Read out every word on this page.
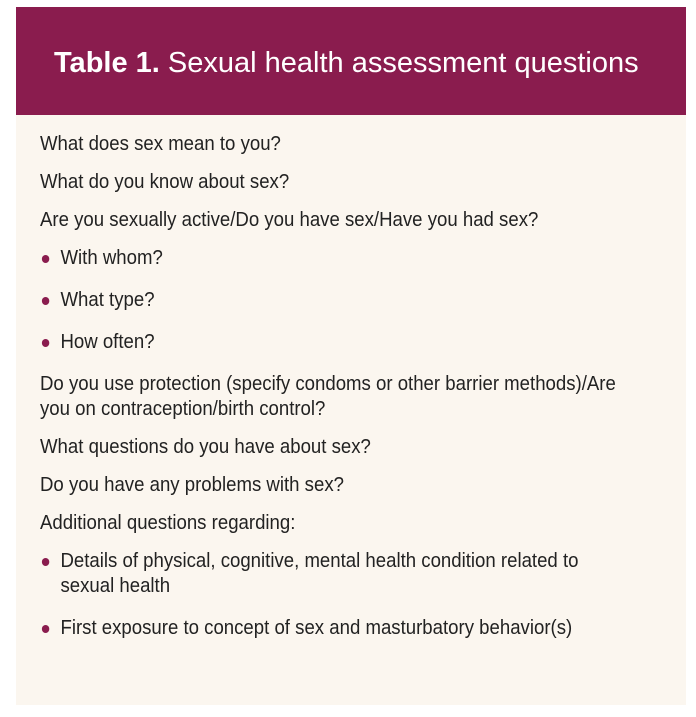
Table 1. Sexual health assessment questions
What does sex mean to you?
What do you know about sex?
Are you sexually active/Do you have sex/Have you had sex?
With whom?
What type?
How often?
Do you use protection (specify condoms or other barrier methods)/Are you on contraception/birth control?
What questions do you have about sex?
Do you have any problems with sex?
Additional questions regarding:
Details of physical, cognitive, mental health condition related to sexual health
First exposure to concept of sex and masturbatory behavior(s)
